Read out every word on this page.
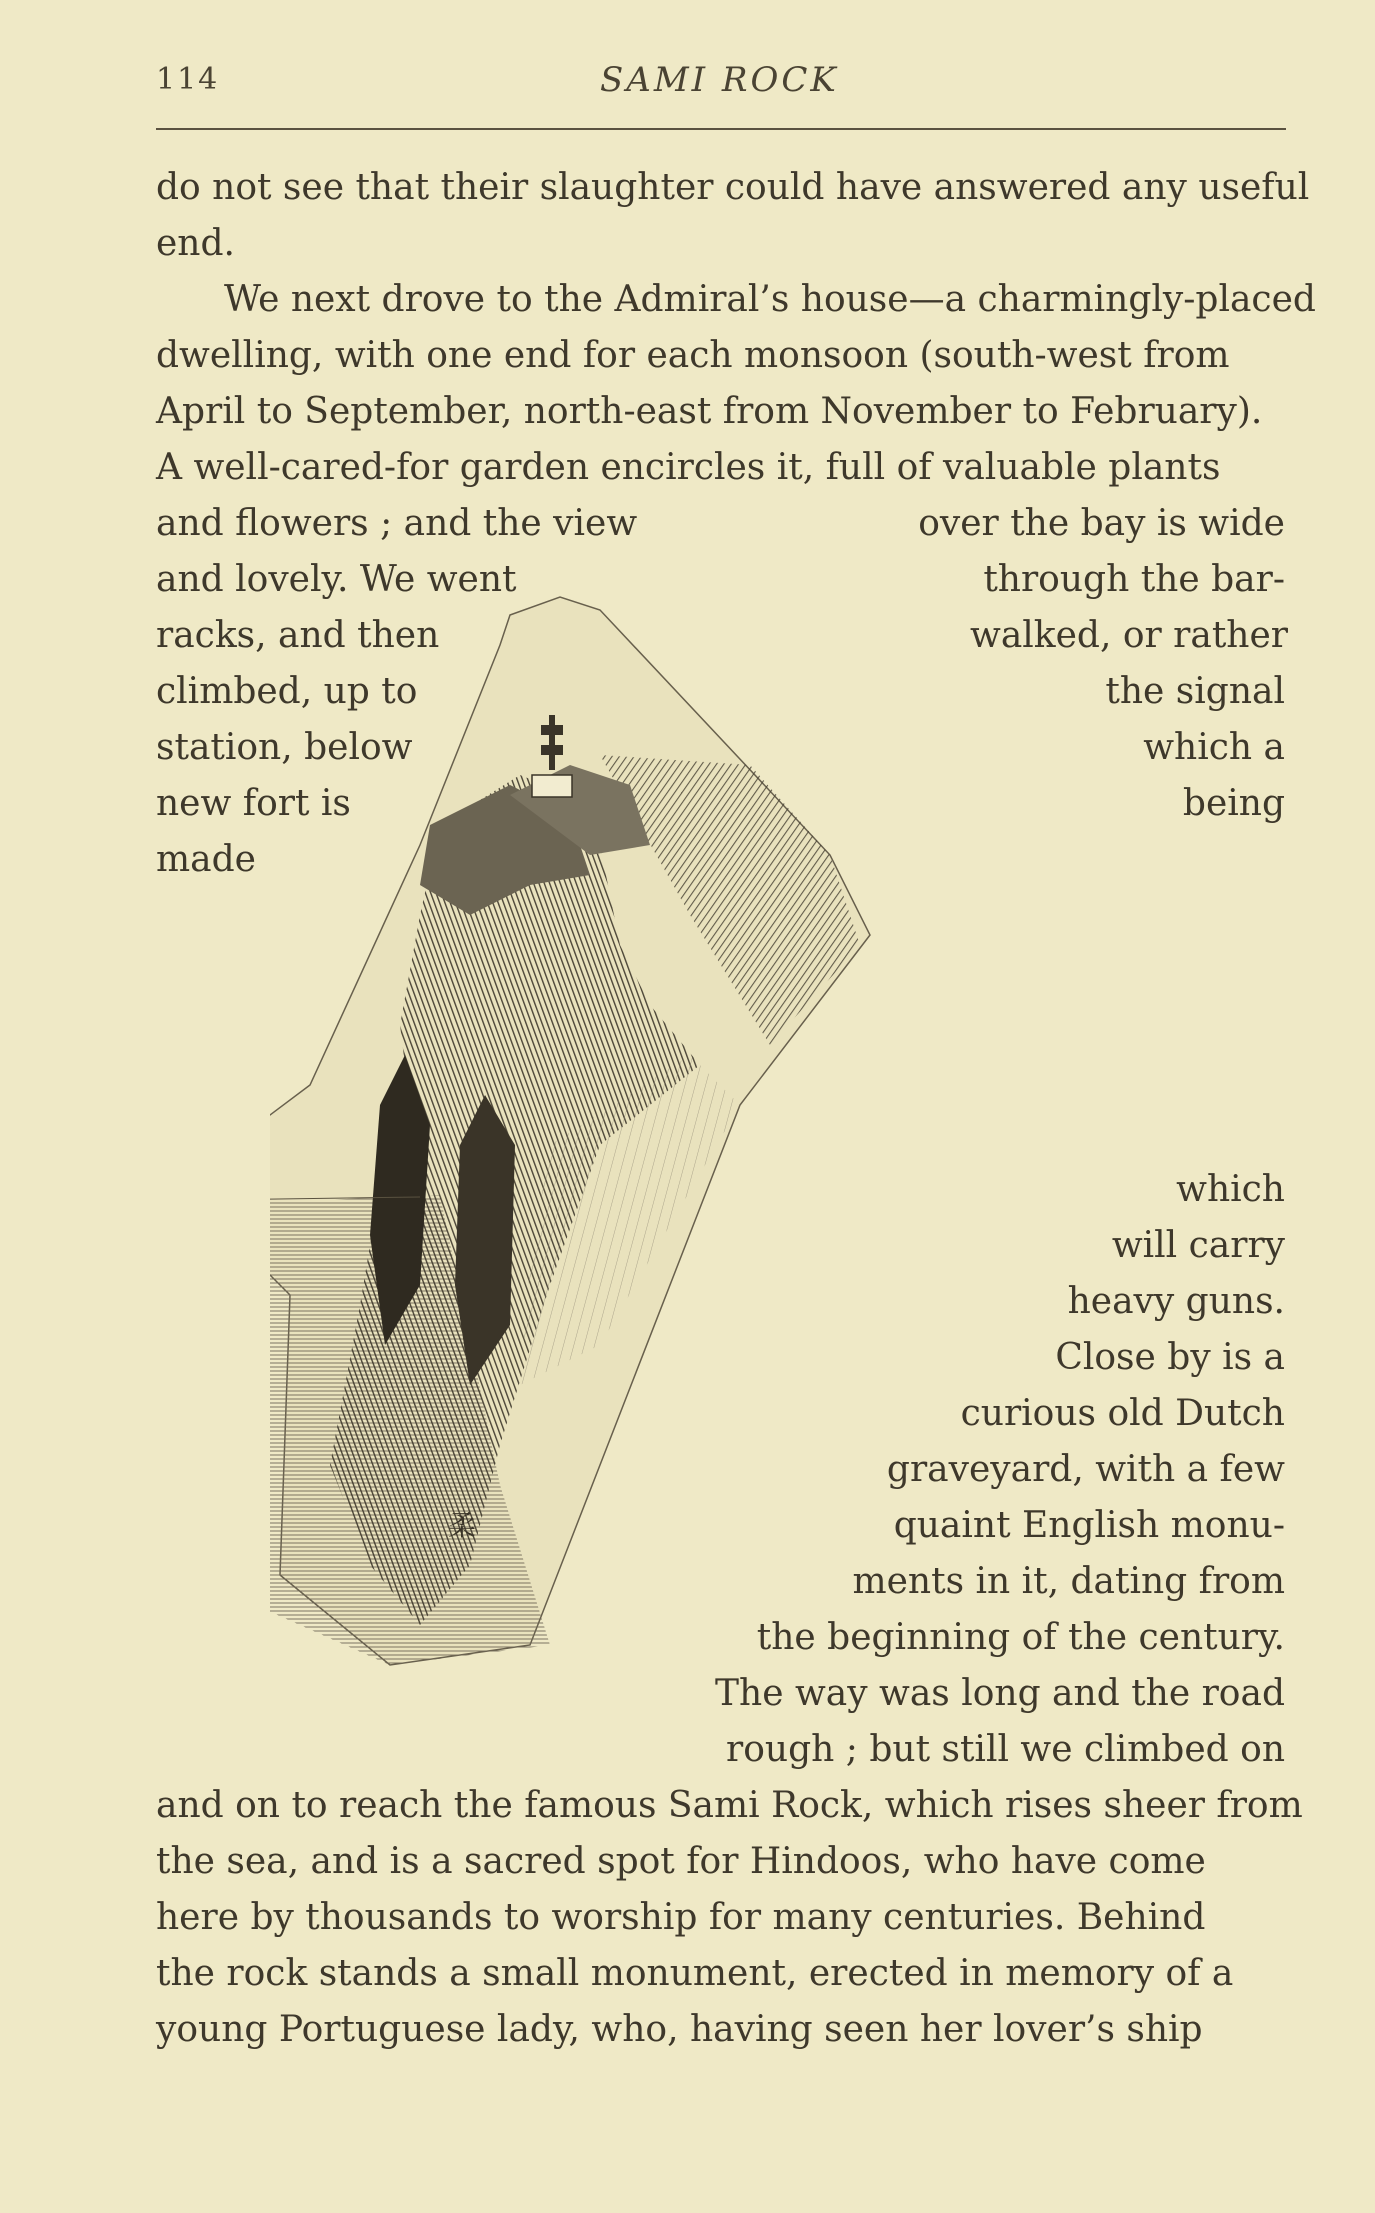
114	SAMI ROCK
柔
do not see that their slaughter could have answered any useful
end.
We next drove to the Admiral’s house—a charmingly-placed
dwelling, with one end for each monsoon (south-west from
April to September, north-east from November to February).
A well-cared-for garden encircles it, full of valuable plants
and flowers ; and the view	over the bay is wide
and lovely. We went	through the bar-
racks, and then	walked, or rather
climbed, up to	the signal
station, below	which a
new fort is	being
made
which
will carry
heavy guns.
Close by is a
curious old Dutch
graveyard, with a few
quaint English monu-
ments in it, dating from
the beginning of the century.
The way was long and the road
rough ; but still we climbed on
and on to reach the famous Sami Rock, which rises sheer from
the sea, and is a sacred spot for Hindoos, who have come
here by thousands to worship for many centuries. Behind
the rock stands a small monument, erected in memory of a
young Portuguese lady, who, having seen her lover’s ship
